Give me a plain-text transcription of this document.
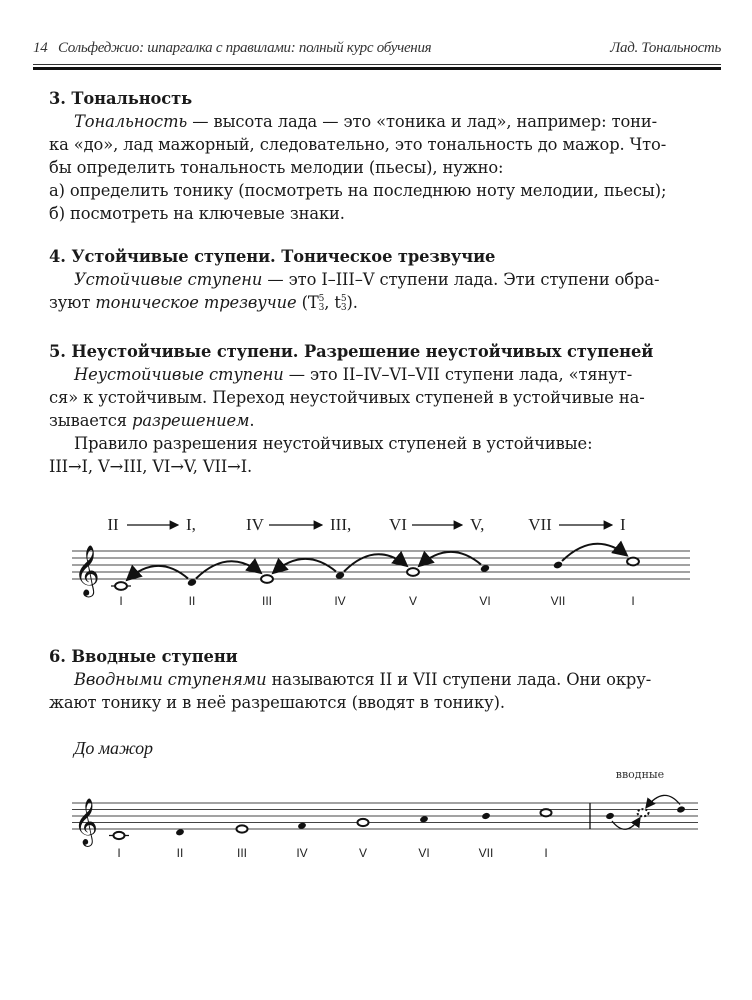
14 Сольфеджио: шпаргалка с правилами: полный курс обучения	Лад. Тональность
3. Тональность
Тональность — высота лада — это «тоника и лад», например: тони-
ка «до», лад мажорный, следовательно, это тональность до мажор. Что-
бы определить тональность мелодии (пьесы), нужно:
а) определить тонику (посмотреть на последнюю ноту мелодии, пьесы);
б) посмотреть на ключевые знаки.
4. Устойчивые ступени. Тоническое трезвучие
Устойчивые ступени — это I–III–V ступени лада. Эти ступени обра-
зуют тоническое трезвучие (T 5
3 , t 5
3 ).
5. Неустойчивые ступени. Разрешение неустойчивых ступеней
Неустойчивые ступени — это II–IV–VI–VII ступени лада, «тянут-
ся» к устойчивым. Переход неустойчивых ступеней в устойчивые на-
зывается разрешением.
Правило разрешения неустойчивых ступеней в устойчивые:
III→I, V→III, VI→V, VII→I.
6. Вводные ступени
Вводными ступенями называются II и VII ступени лада. Они окру-
жают тонику и в неё разрешаются (вводят в тонику).
До мажор
𝄞
I	II	III	IV	V	VI	VII	I
II	I,	IV	III, VI	V,	VII	I
𝄞
I	II	III	IV	V	VI	VII	I
вводные
